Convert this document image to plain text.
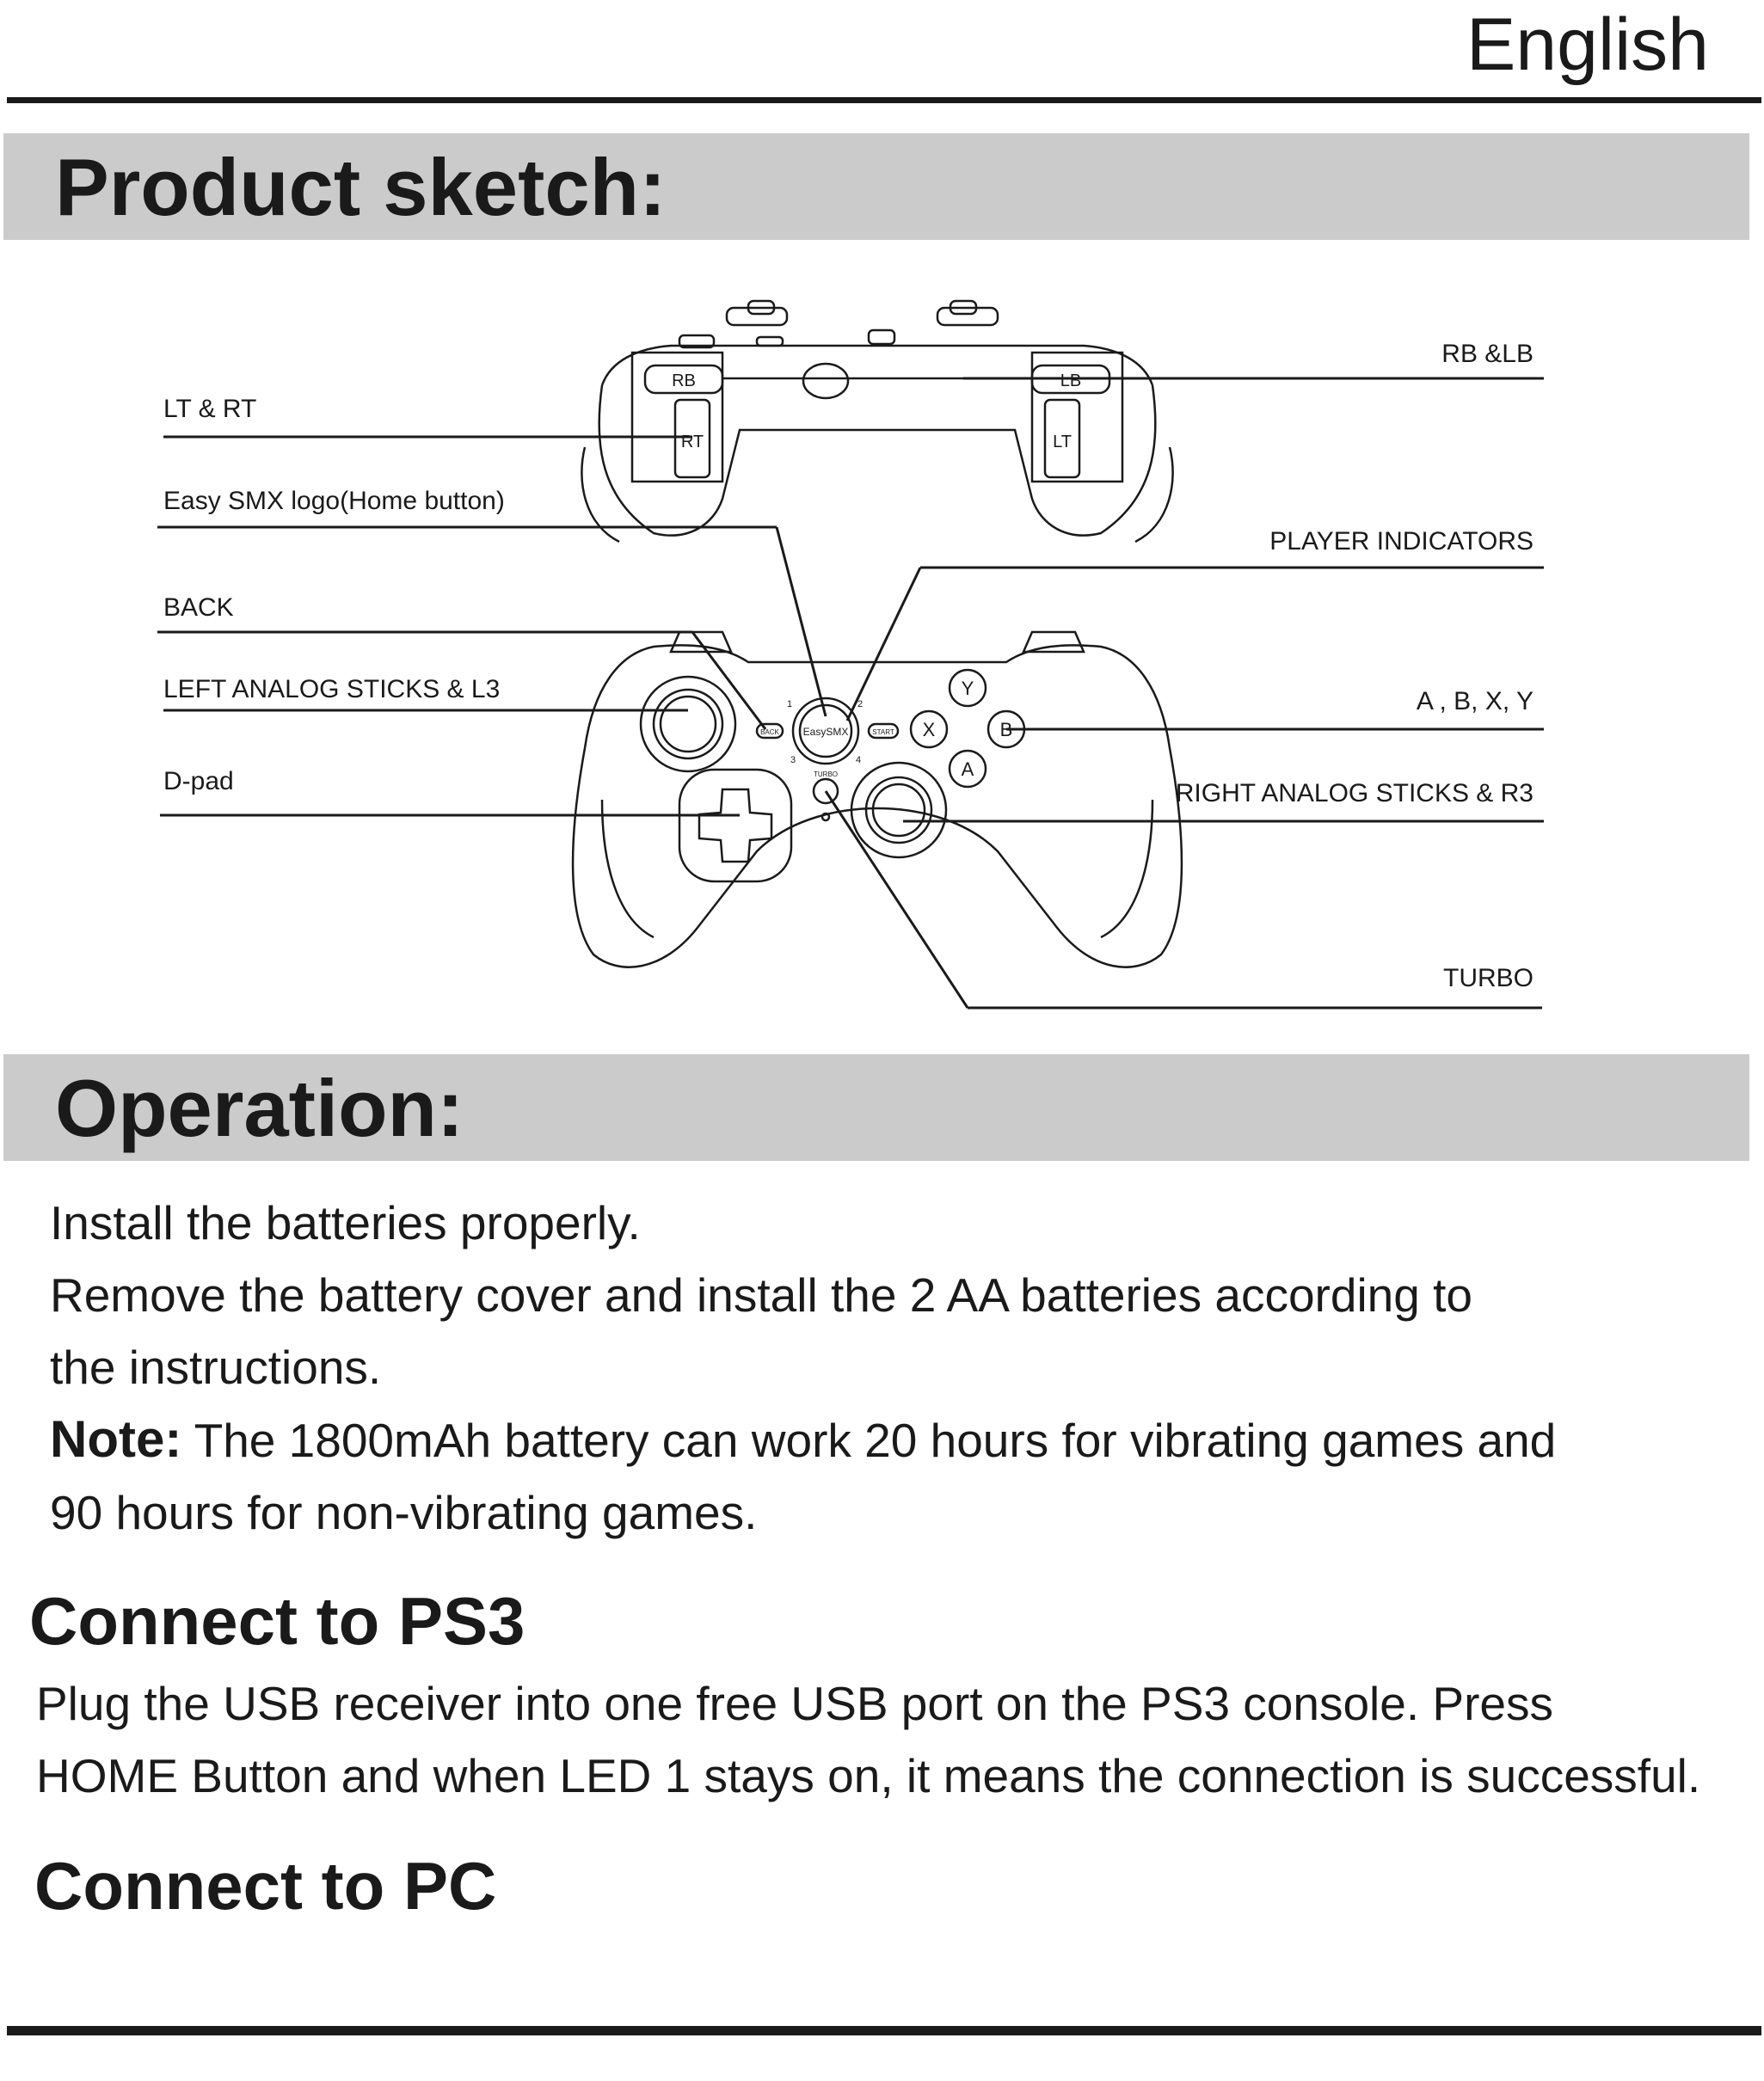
English
Product sketch:
RB	LB
RT	LT
Y
X	B
A
BACK	START
EasySMX
TURBO
1	2
3	4
LT & RT
Easy SMX logo(Home button)
BACK
LEFT ANALOG STICKS & L3
D-pad
RB &LB
PLAYER INDICATORS
A , B, X, Y
RIGHT ANALOG STICKS & R3
TURBO
Operation:

Install the batteries properly.

Remove the battery cover and install the 2 AA batteries according to

the instructions.

Note: The 1800mAh battery can work 20 hours for vibrating games and

90 hours for non-vibrating games.

Connect to PS3

Plug the USB receiver into one free USB port on the PS3 console. Press

HOME Button and when LED 1 stays on, it means the connection is successful.

Connect to PC
